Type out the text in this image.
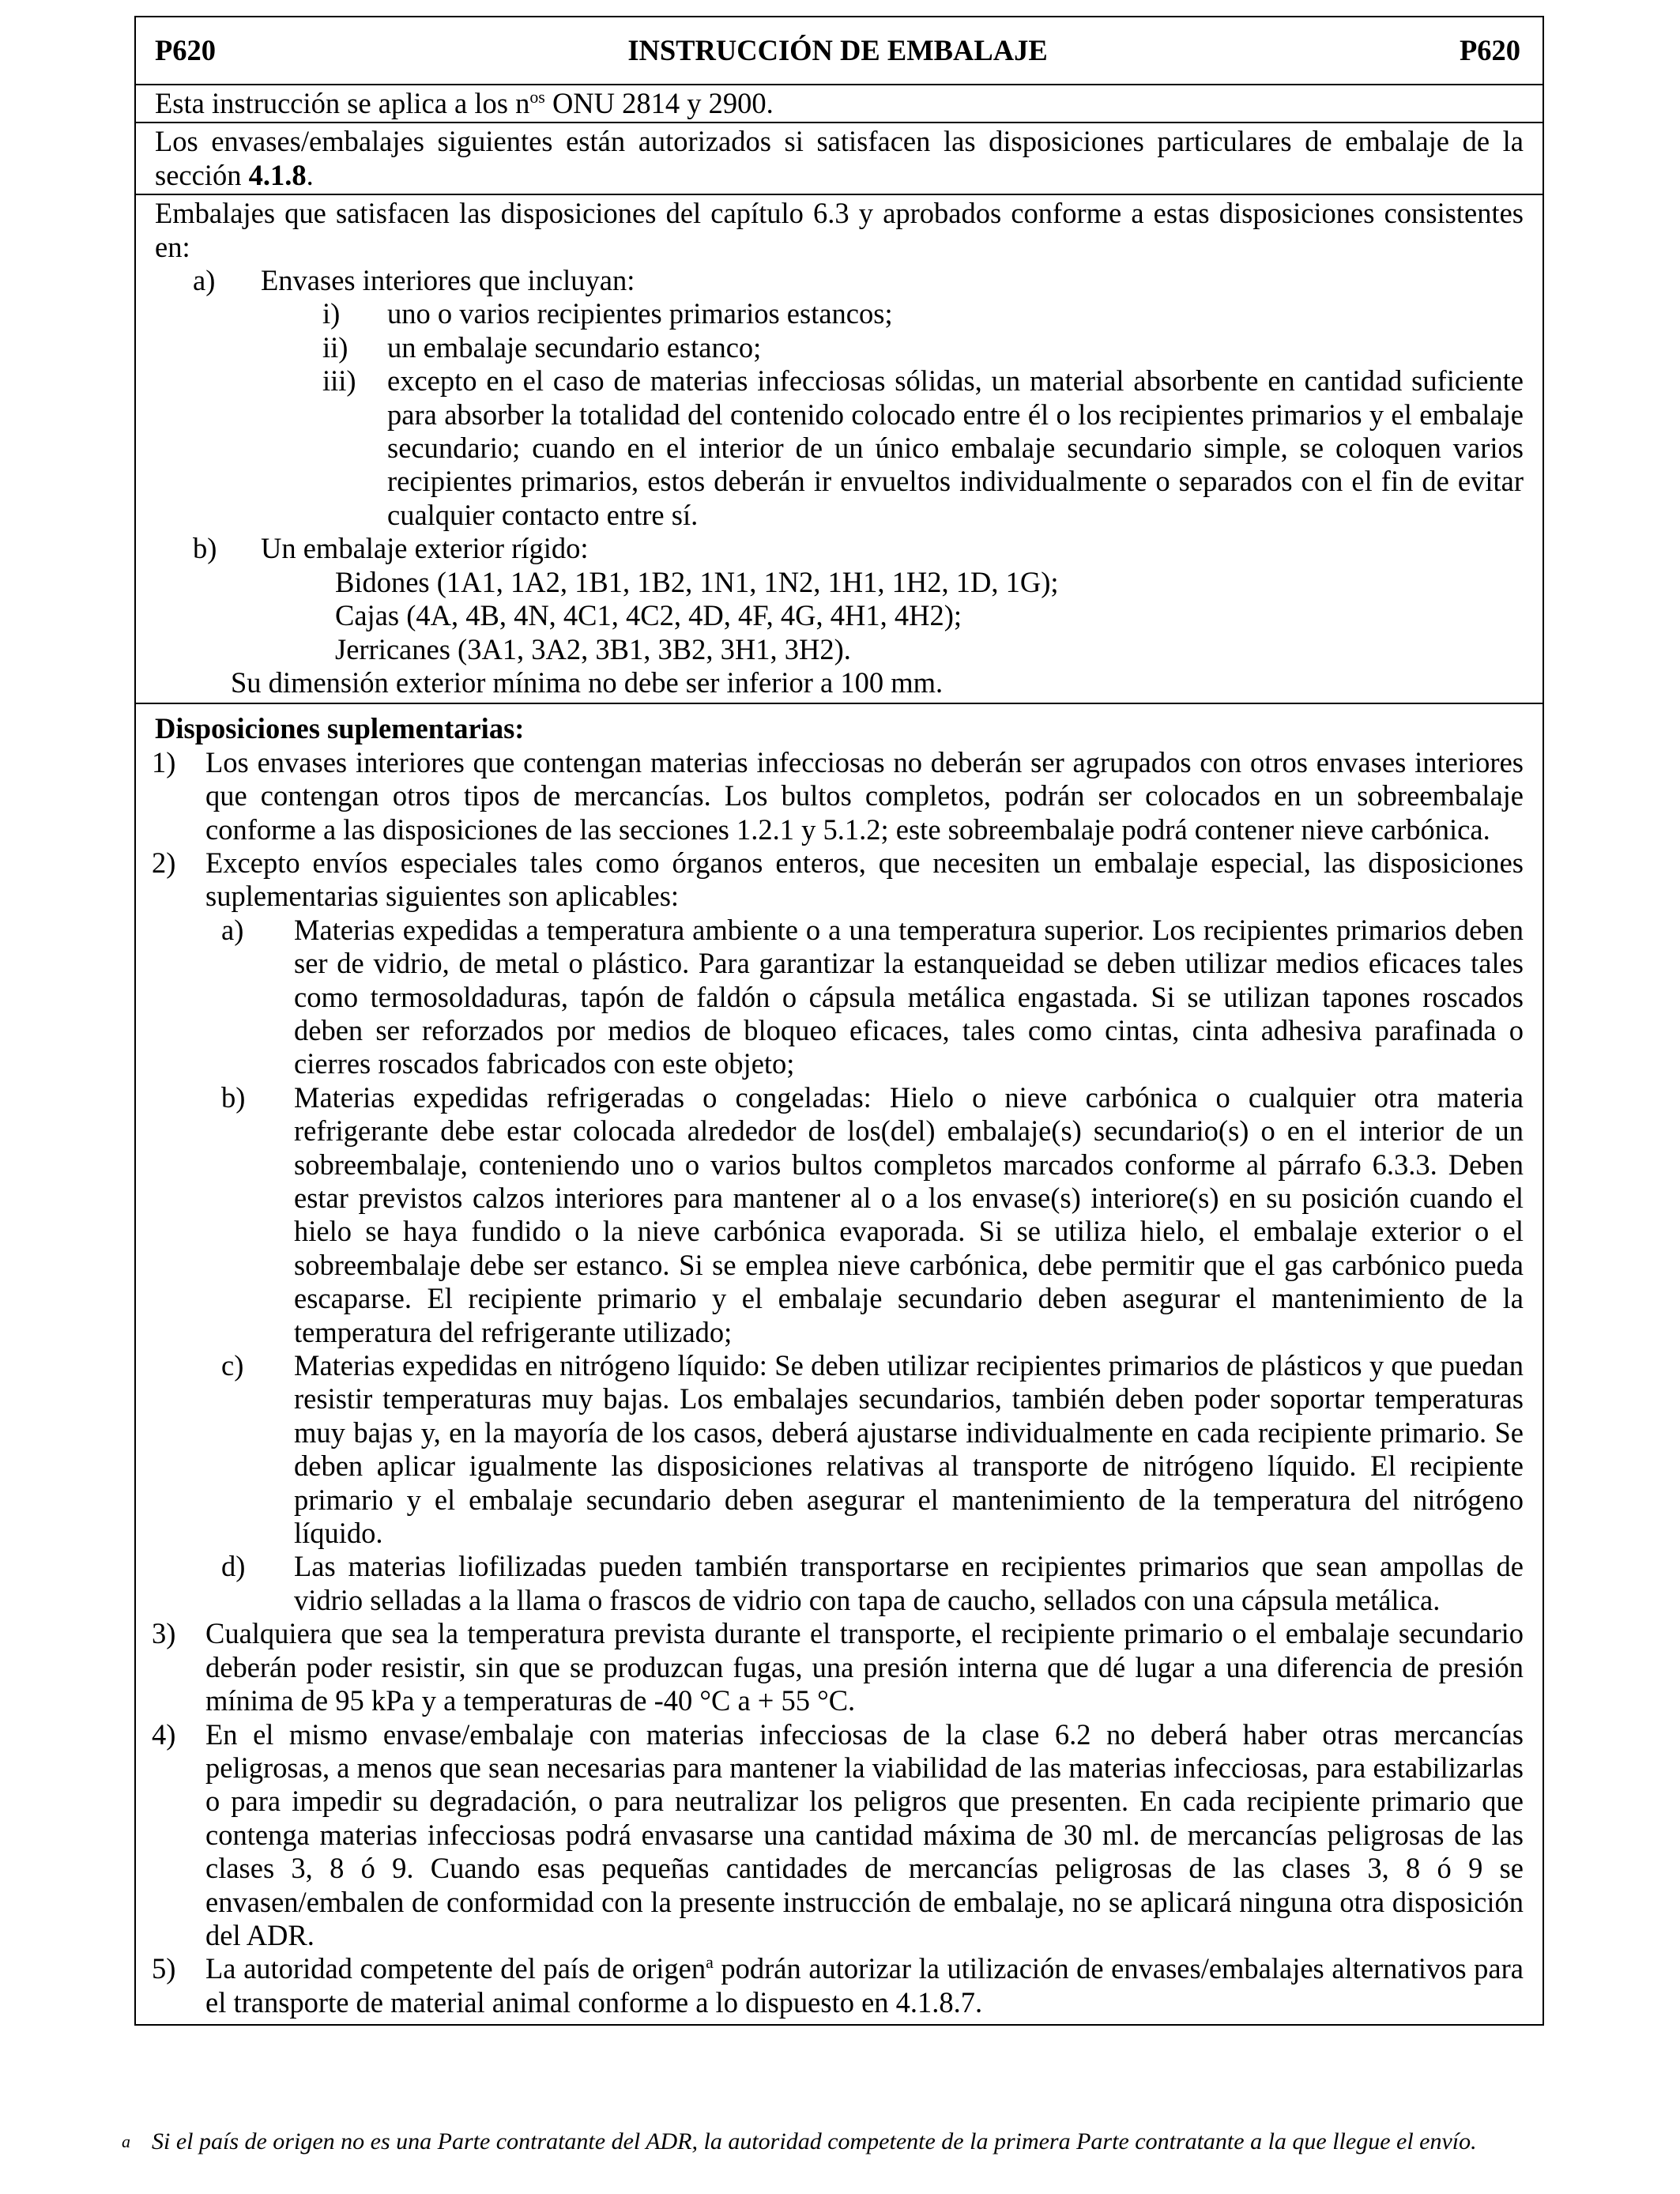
P620	INSTRUCCIÓN DE EMBALAJE	P620
Esta instrucción se aplica a los $n^{os}$ ONU 2814 y 2900.
Los envases/embalajes siguientes están autorizados si satisfacen las disposiciones particulares de embalaje de la sección 4.1.8.
Embalajes que satisfacen las disposiciones del capítulo 6.3 y aprobados conforme a estas disposiciones consistentes en:
a)	Envases interiores que incluyan:
i)	uno o varios recipientes primarios estancos;
ii)	un embalaje secundario estanco;
iii)	excepto en el caso de materias infecciosas sólidas, un material absorbente en cantidad suficiente para absorber la totalidad del contenido colocado entre él o los recipientes primarios y el embalaje secundario; cuando en el interior de un único embalaje secundario simple, se coloquen varios recipientes primarios, estos deberán ir envueltos individualmente o separados con el fin de evitar cualquier contacto entre sí.
b)	Un embalaje exterior rígido:
Bidones (1A1, 1A2, 1B1, 1B2, 1N1, 1N2, 1H1, 1H2, 1D, 1G);
Cajas (4A, 4B, 4N, 4C1, 4C2, 4D, 4F, 4G, 4H1, 4H2);
Jerricanes (3A1, 3A2, 3B1, 3B2, 3H1, 3H2).
Su dimensión exterior mínima no debe ser inferior a 100 mm.
Disposiciones suplementarias:
1)	Los envases interiores que contengan materias infecciosas no deberán ser agrupados con otros envases interiores que contengan otros tipos de mercancías. Los bultos completos, podrán ser colocados en un sobreembalaje conforme a las disposiciones de las secciones 1.2.1 y 5.1.2; este sobreembalaje podrá contener nieve carbónica.
2)	Excepto envíos especiales tales como órganos enteros, que necesiten un embalaje especial, las disposiciones suplementarias siguientes son aplicables:
a)	Materias expedidas a temperatura ambiente o a una temperatura superior. Los recipientes primarios deben ser de vidrio, de metal o plástico. Para garantizar la estanqueidad se deben utilizar medios eficaces tales como termosoldaduras, tapón de faldón o cápsula metálica engastada. Si se utilizan tapones roscados deben ser reforzados por medios de bloqueo eficaces, tales como cintas, cinta adhesiva parafinada o cierres roscados fabricados con este objeto;
b)	Materias expedidas refrigeradas o congeladas: Hielo o nieve carbónica o cualquier otra materia refrigerante debe estar colocada alrededor de los(del) embalaje(s) secundario(s) o en el interior de un sobreembalaje, conteniendo uno o varios bultos completos marcados conforme al párrafo 6.3.3. Deben estar previstos calzos interiores para mantener al o a los envase(s) interiore(s) en su posición cuando el hielo se haya fundido o la nieve carbónica evaporada. Si se utiliza hielo, el embalaje exterior o el sobreembalaje debe ser estanco. Si se emplea nieve carbónica, debe permitir que el gas carbónico pueda escaparse. El recipiente primario y el embalaje secundario deben asegurar el mantenimiento de la temperatura del refrigerante utilizado;
c)	Materias expedidas en nitrógeno líquido: Se deben utilizar recipientes primarios de plásticos y que puedan resistir temperaturas muy bajas. Los embalajes secundarios, también deben poder soportar temperaturas muy bajas y, en la mayoría de los casos, deberá ajustarse individualmente en cada recipiente primario. Se deben aplicar igualmente las disposiciones relativas al transporte de nitrógeno líquido. El recipiente primario y el embalaje secundario deben asegurar el mantenimiento de la temperatura del nitrógeno líquido.
d)	Las materias liofilizadas pueden también transportarse en recipientes primarios que sean ampollas de vidrio selladas a la llama o frascos de vidrio con tapa de caucho, sellados con una cápsula metálica.
3)	Cualquiera que sea la temperatura prevista durante el transporte, el recipiente primario o el embalaje secundario deberán poder resistir, sin que se produzcan fugas, una presión interna que dé lugar a una diferencia de presión mínima de 95 kPa y a temperaturas de -40 °C a + 55 °C.
4)	En el mismo envase/embalaje con materias infecciosas de la clase 6.2 no deberá haber otras mercancías peligrosas, a menos que sean necesarias para mantener la viabilidad de las materias infecciosas, para estabilizarlas o para impedir su degradación, o para neutralizar los peligros que presenten. En cada recipiente primario que contenga materias infecciosas podrá envasarse una cantidad máxima de 30 ml. de mercancías peligrosas de las clases 3, 8 ó 9. Cuando esas pequeñas cantidades de mercancías peligrosas de las clases 3, 8 ó 9 se envasen/embalen de conformidad con la presente instrucción de embalaje, no se aplicará ninguna otra disposición del ADR.
5)	La autoridad competente del país de origen$^a$ podrán autorizar la utilización de envases/embalajes alternativos para el transporte de material animal conforme a lo dispuesto en 4.1.8.7.
a Si el país de origen no es una Parte contratante del ADR, la autoridad competente de la primera Parte contratante a la que llegue el envío.
